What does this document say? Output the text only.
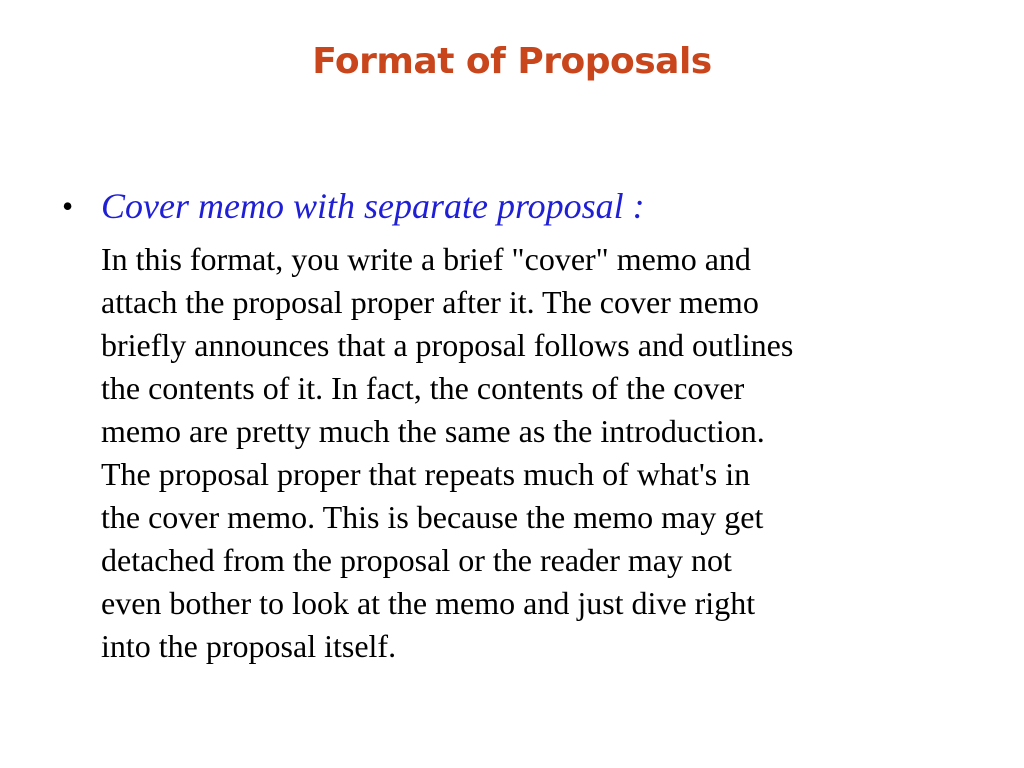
Format of Proposals
• Cover memo with separate proposal :

In this format, you write a brief "cover" memo and
attach the proposal proper after it. The cover memo
briefly announces that a proposal follows and outlines
the contents of it. In fact, the contents of the cover
memo are pretty much the same as the introduction.
The proposal proper that repeats much of what's in
the cover memo. This is because the memo may get
detached from the proposal or the reader may not
even bother to look at the memo and just dive right
into the proposal itself.
